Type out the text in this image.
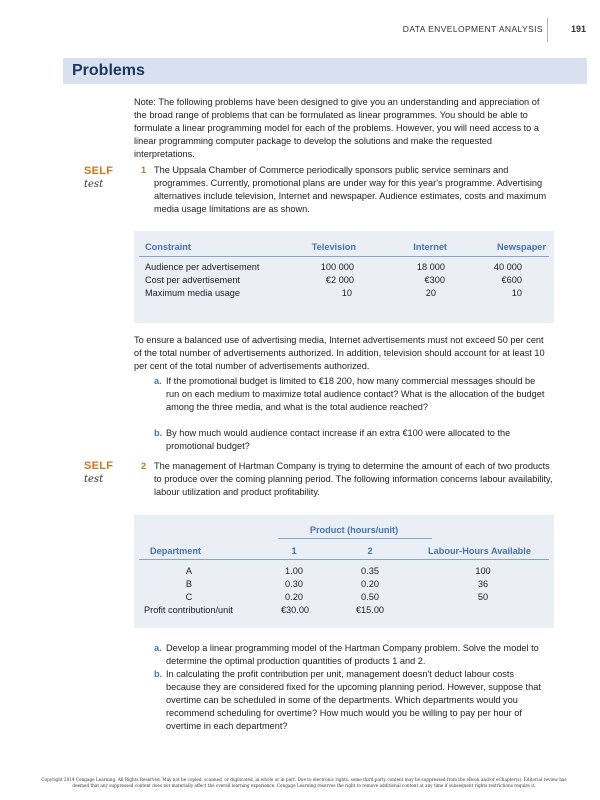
DATA ENVELOPMENT ANALYSIS	191
Problems
Note: The following problems have been designed to give you an understanding and appreciation of the broad range of problems that can be formulated as linear programmes. You should be able to formulate a linear programming model for each of the problems. However, you will need access to a linear programming computer package to develop the solutions and make the requested interpretations.
SELF
test
1 The Uppsala Chamber of Commerce periodically sponsors public service seminars and programmes. Currently, promotional plans are under way for this year's programme. Advertising alternatives include television, Internet and newspaper. Audience estimates, costs and maximum media usage limitations are as shown.
Constraint	Television	Internet	Newspaper
Audience per advertisement	100 000	18 000	40 000
Cost per advertisement	€2 000	€300	€600
Maximum media usage	10	20	10
To ensure a balanced use of advertising media, Internet advertisements must not exceed 50 per cent of the total number of advertisements authorized. In addition, television should account for at least 10 per cent of the total number of advertisements authorized.
a. If the promotional budget is limited to €18 200, how many commercial messages should be run on each medium to maximize total audience contact? What is the allocation of the budget among the three media, and what is the total audience reached?
b. By how much would audience contact increase if an extra €100 were allocated to the promotional budget?
SELF
test
2 The management of Hartman Company is trying to determine the amount of each of two products to produce over the coming planning period. The following information concerns labour availability, labour utilization and product profitability.
Product (hours/unit)
Department	1	2	Labour-Hours Available
A	1.00	0.35	100
B	0.30	0.20	36
C	0.20	0.50	50
Profit contribution/unit	€30.00	€15.00
a. Develop a linear programming model of the Hartman Company problem. Solve the model to determine the optimal production quantities of products 1 and 2.
b. In calculating the profit contribution per unit, management doesn't deduct labour costs because they are considered fixed for the upcoming planning period. However, suppose that overtime can be scheduled in some of the departments. Which departments would you recommend scheduling for overtime? How much would you be willing to pay per hour of overtime in each department?
Copyright 2014 Cengage Learning. All Rights Reserved. May not be copied, scanned, or duplicated, in whole or in part. Due to electronic rights, some third party content may be suppressed from the eBook and/or eChapter(s). Editorial review has deemed that any suppressed content does not materially affect the overall learning experience. Cengage Learning reserves the right to remove additional content at any time if subsequent rights restrictions require it.
